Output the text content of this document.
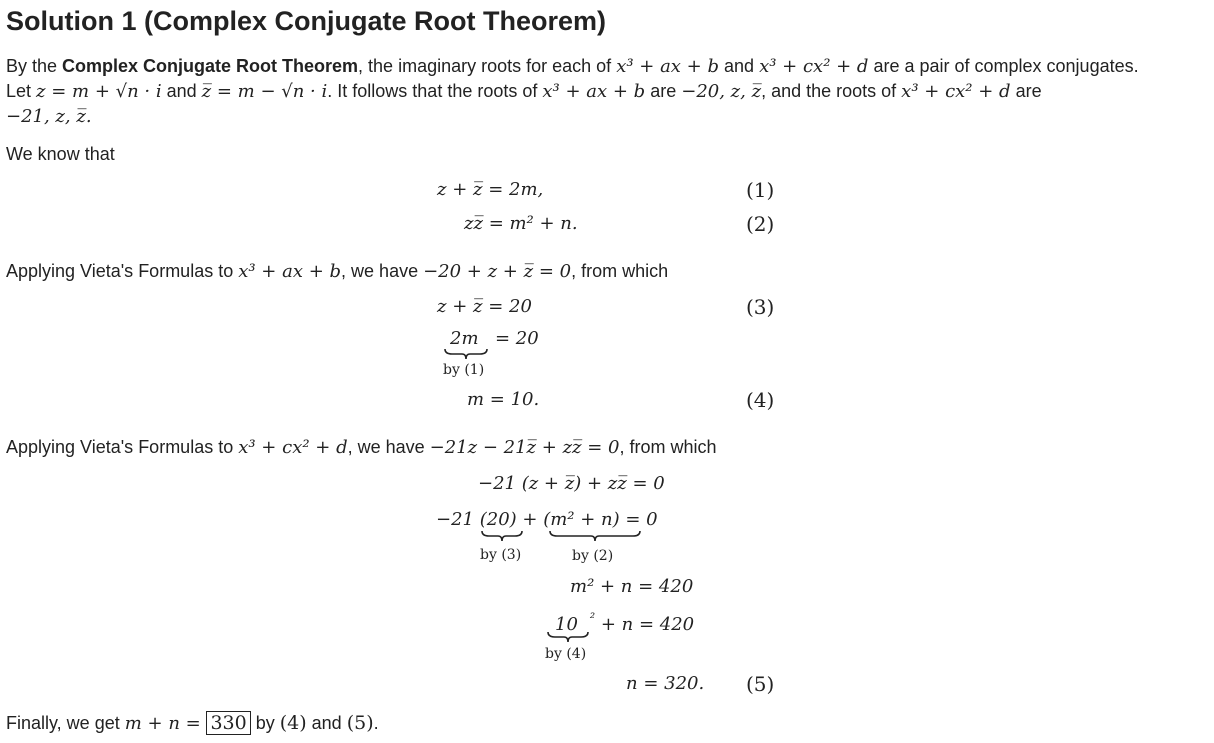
Solution 1 (Complex Conjugate Root Theorem)
By the Complex Conjugate Root Theorem, the imaginary roots for each of x³ + ax + b and x³ + cx² + d are a pair of complex conjugates.
Let z = m + √n · i and z̅ = m − √n · i. It follows that the roots of x³ + ax + b are −20, z, z̅, and the roots of x³ + cx² + d are
−21, z, z̅.
We know that
z + z̅ = 2m,	(1)
zz̅ = m² + n.	(2)
Applying Vieta's Formulas to x³ + ax + b, we have −20 + z + z̅ = 0, from which
z + z̅ = 20	(3)
2m = 20
by (1)
m = 10.	(4)
Applying Vieta's Formulas to x³ + cx² + d, we have −21z − 21z̅ + zz̅ = 0, from which
−21 (z + z̅) + zz̅ = 0
−21 (20) + (m² + n) = 0
by (3)	by (2)
m² + n = 420
10 $^{^2}$ + n = 420
by (4)
n = 320. (5)
Finally, we get m + n = 330 by (4) and (5).
